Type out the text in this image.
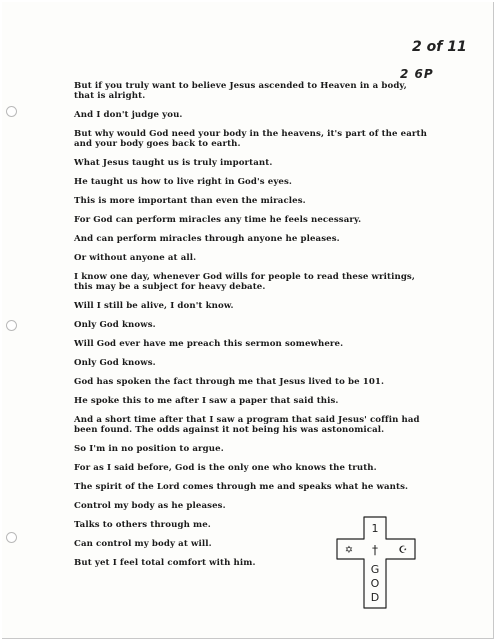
2 of 11
2 6P

But if you truly want to believe Jesus ascended to Heaven in a body, that is alright.

And I don't judge you.

But why would God need your body in the heavens, it's part of the earth and your body goes back to earth.

What Jesus taught us is truly important.

He taught us how to live right in God's eyes.

This is more important than even the miracles.

For God can perform miracles any time he feels necessary.

And can perform miracles through anyone he pleases.

Or without anyone at all.

I know one day, whenever God wills for people to read these writings, this may be a subject for heavy debate.

Will I still be alive, I don't know.

Only God knows.

Will God ever have me preach this sermon somewhere.

Only God knows.

God has spoken the fact through me that Jesus lived to be 101.

He spoke this to me after I saw a paper that said this.

And a short time after that I saw a program that said Jesus' coffin had been found. The odds against it not being his was astonomical.

So I'm in no position to argue.

For as I said before, God is the only one who knows the truth.

The spirit of the Lord comes through me and speaks what he wants.

Control my body as he pleases.

Talks to others through me.

Can control my body at will.

But yet I feel total comfort with him.

1
†
✡	☪
G
O
D
